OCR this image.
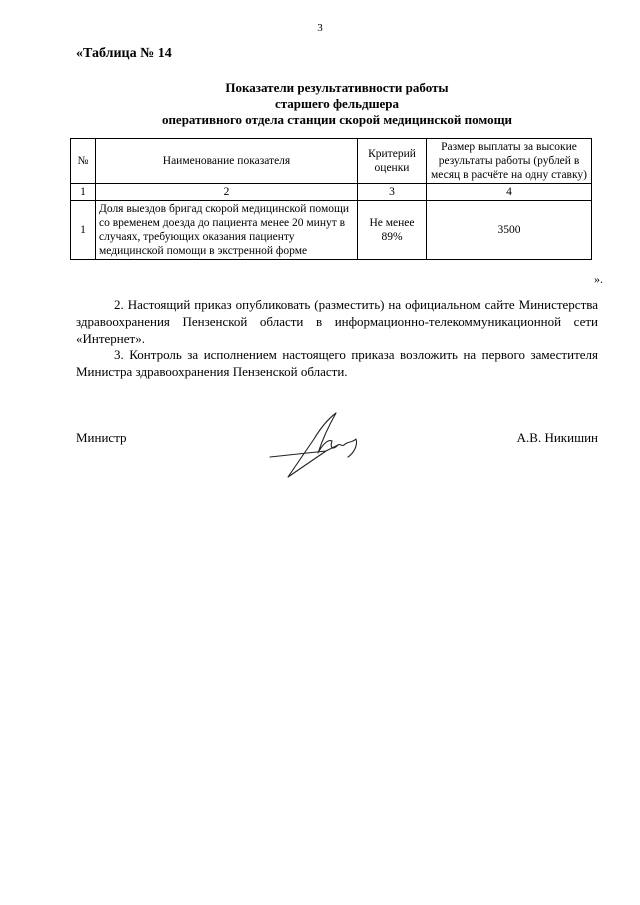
3
«Таблица № 14
Показатели результативности работы
старшего фельдшера
оперативного отдела станции скорой медицинской помощи
№	Наименование показателя	Критерий оценки	Размер выплаты за высокие результаты работы (рублей в месяц в расчёте на одну ставку)
1	2	3	4
1	Доля выездов бригад скорой медицинской помощи со временем доезда до пациента менее 20 минут в случаях, требующих оказания пациенту медицинской помощи в экстренной форме	Не менее 89%	3500
».
2. Настоящий приказ опубликовать (разместить) на официальном сайте Министерства здравоохранения Пензенской области в информационно-телекоммуникационной сети «Интернет».
3. Контроль за исполнением настоящего приказа возложить на первого заместителя Министра здравоохранения Пензенской области.
Министр	А.В. Никишин
